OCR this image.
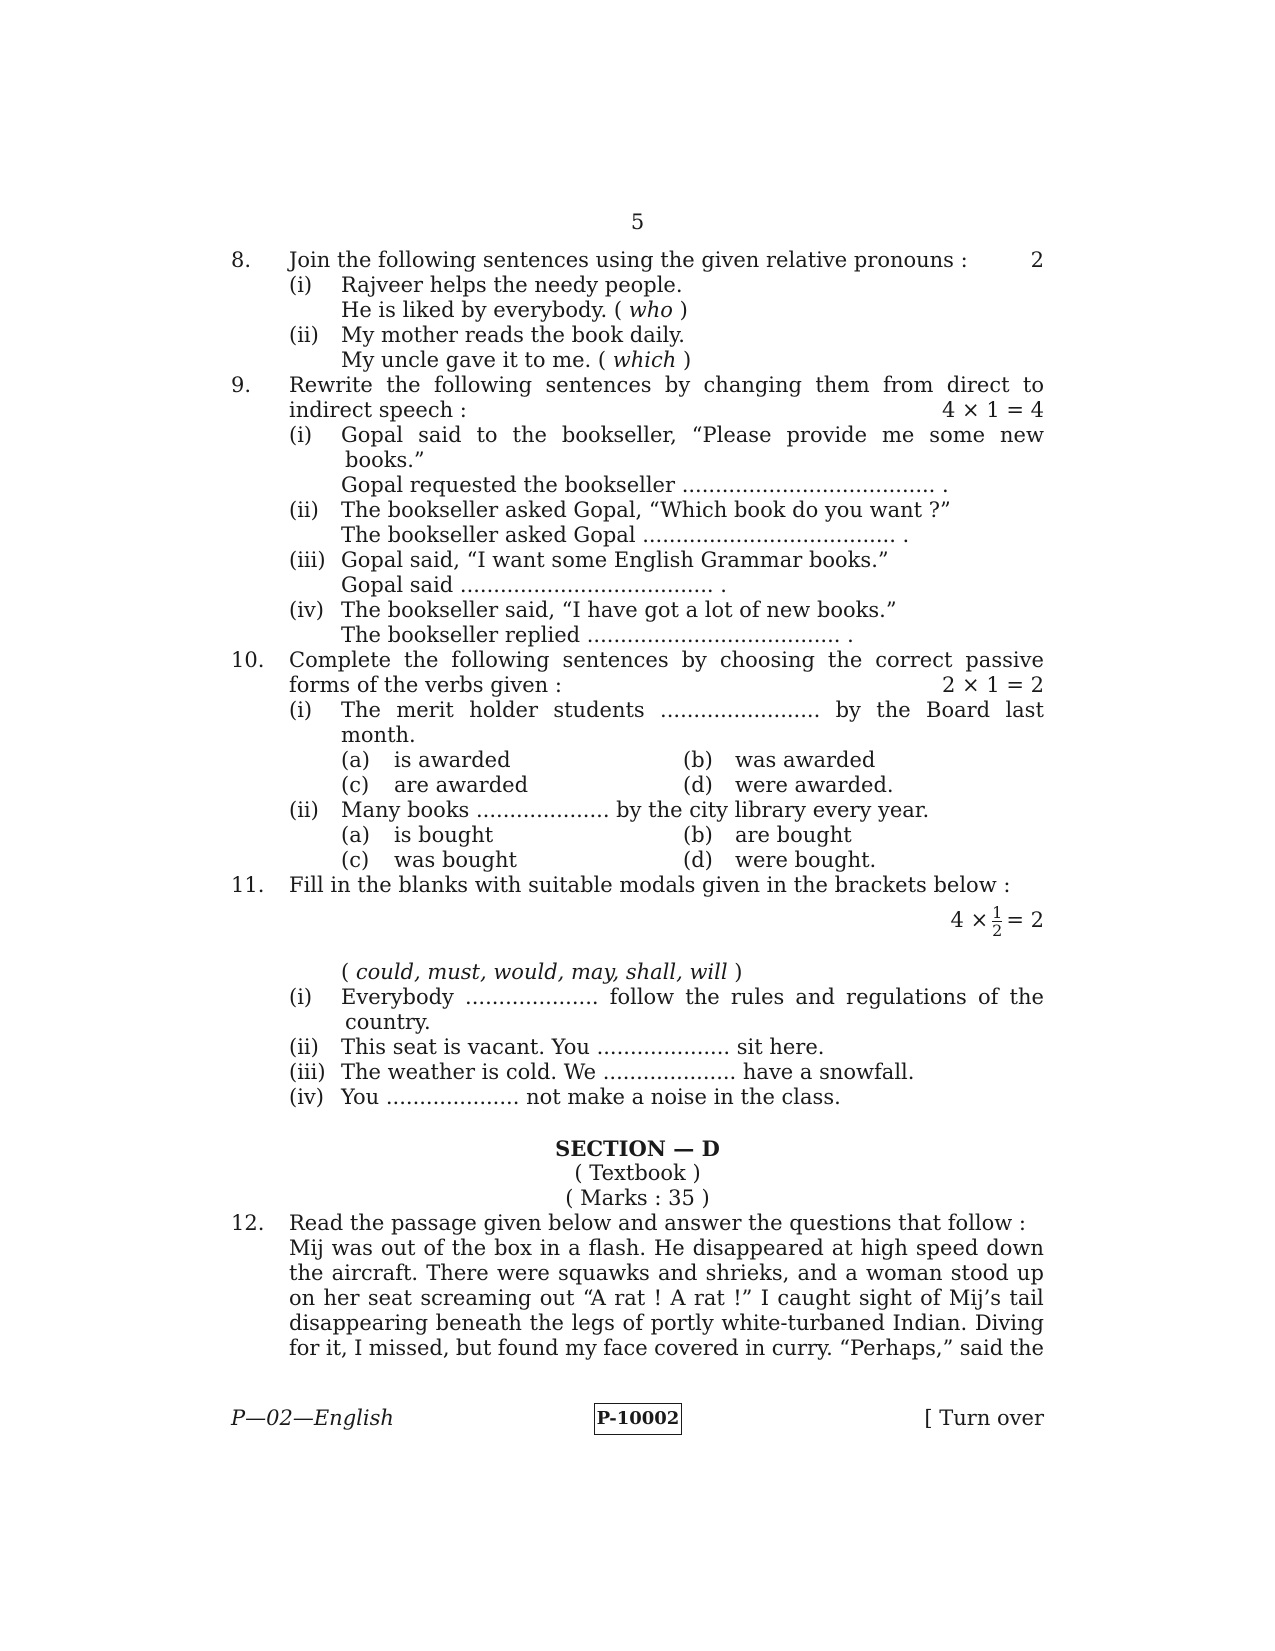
5
8. Join the following sentences using the given relative pronouns :	2
(i) Rajveer helps the needy people.
He is liked by everybody. ( who )
(ii) My mother reads the book daily.
My uncle gave it to me. ( which )
9. Rewrite the following sentences by changing them from direct to
indirect speech :	4 × 1 = 4
(i) Gopal said to the bookseller, “Please provide me some new
books.”
Gopal requested the bookseller ...................................... .
(ii) The bookseller asked Gopal, “Which book do you want ?”
The bookseller asked Gopal ...................................... .
(iii) Gopal said, “I want some English Grammar books.”
Gopal said ...................................... .
(iv) The bookseller said, “I have got a lot of new books.”
The bookseller replied ...................................... .
10. Complete the following sentences by choosing the correct passive
forms of the verbs given :	2 × 1 = 2
(i) The merit holder students ........................ by the Board last
month.
(a) is awarded	(b) was awarded
(c) are awarded	(d) were awarded.
(ii) Many books .................... by the city library every year.
(a) is bought	(b) are bought
(c) was bought	(d) were bought.
11. Fill in the blanks with suitable modals given in the brackets below :
$4 \times \frac{1}{2} = 2$
( could, must, would, may, shall, will )
(i) Everybody .................... follow the rules and regulations of the
country.
(ii) This seat is vacant. You .................... sit here.
(iii) The weather is cold. We .................... have a snowfall.
(iv) You .................... not make a noise in the class.
SECTION — D
( Textbook )
( Marks : 35 )
12. Read the passage given below and answer the questions that follow :
Mij was out of the box in a flash. He disappeared at high speed down
the aircraft. There were squawks and shrieks, and a woman stood up
on her seat screaming out “A rat ! A rat !” I caught sight of Mij’s tail
disappearing beneath the legs of portly white-turbaned Indian. Diving
for it, I missed, but found my face covered in curry. “Perhaps,” said the
P—02—English	P-10002	[ Turn over
